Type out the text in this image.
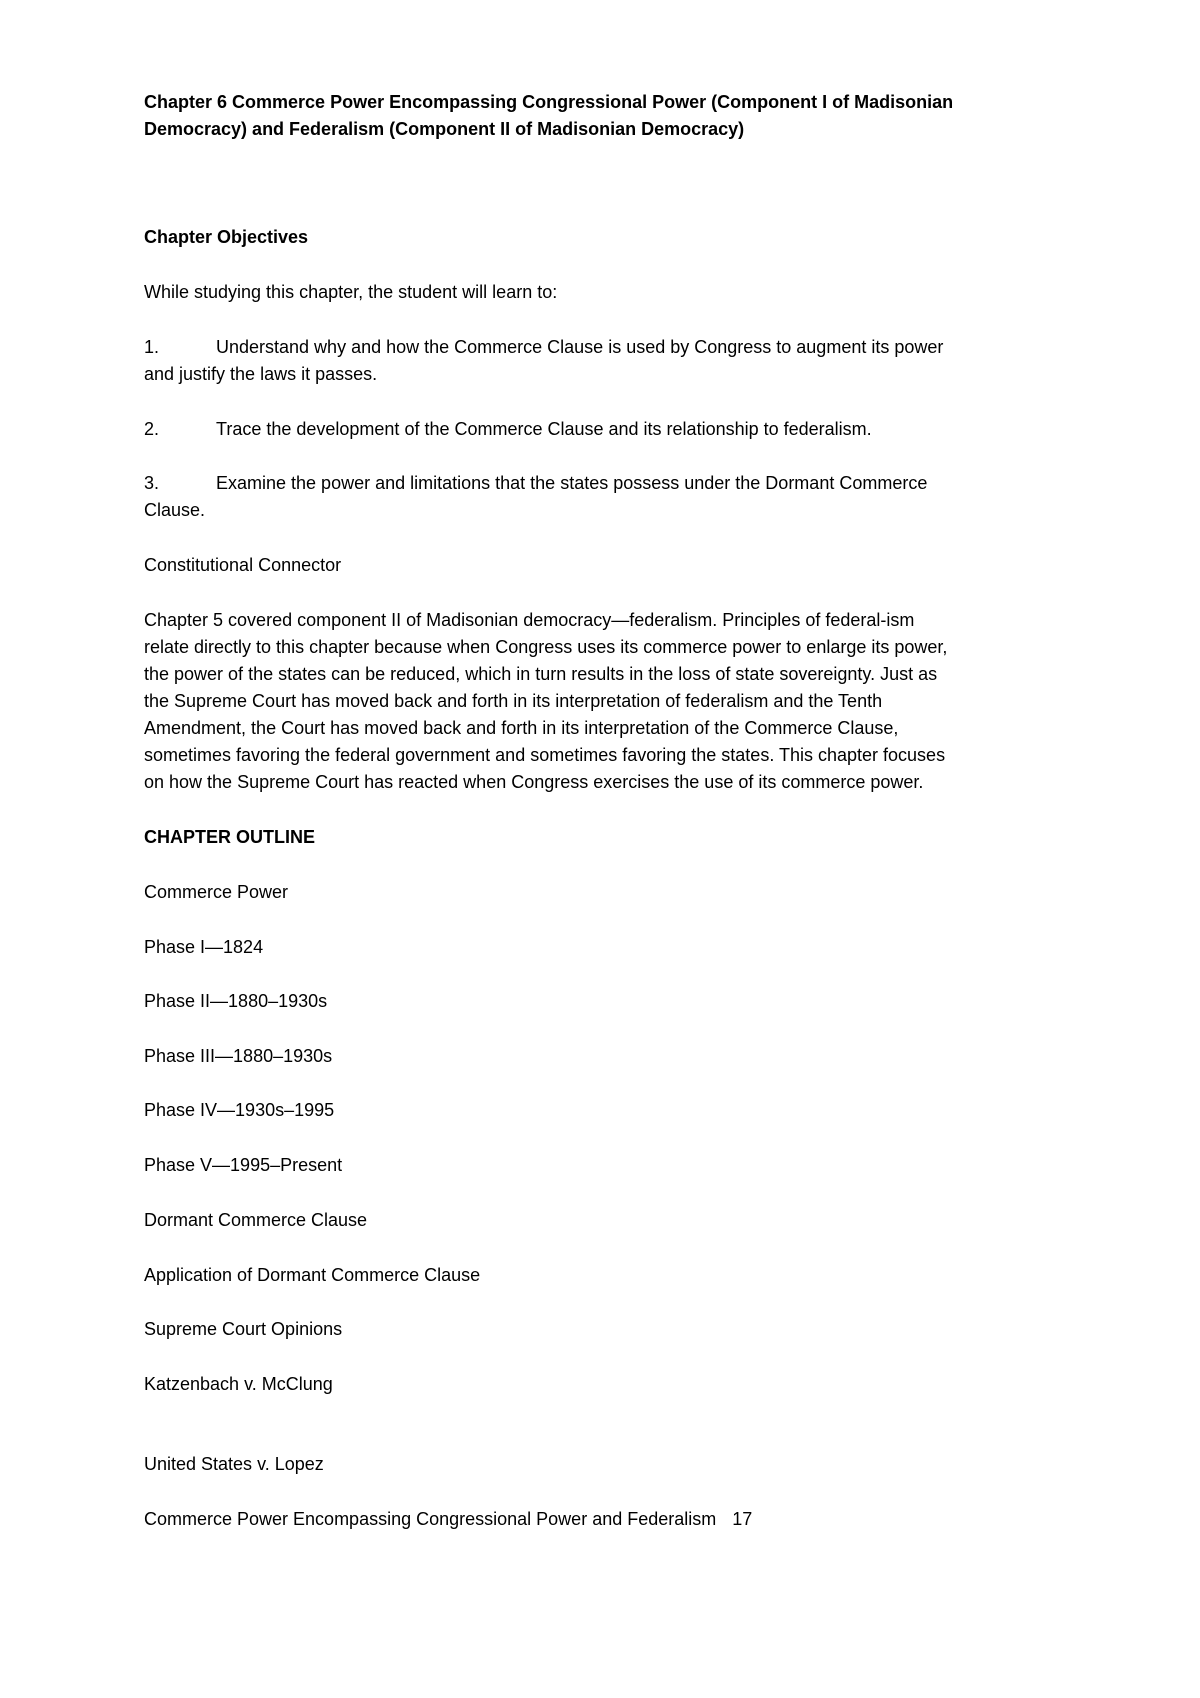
Chapter 6 Commerce Power Encompassing Congressional Power (Component I of Madisonian

Democracy) and Federalism (Component II of Madisonian Democracy)

Chapter Objectives

While studying this chapter, the student will learn to:

1.	Understand why and how the Commerce Clause is used by Congress to augment its power

and justify the laws it passes.

2.	Trace the development of the Commerce Clause and its relationship to federalism.

3.	Examine the power and limitations that the states possess under the Dormant Commerce

Clause.

Constitutional Connector

Chapter 5 covered component II of Madisonian democracy—federalism. Principles of federal-ism
relate directly to this chapter because when Congress uses its commerce power to enlarge its power,
the power of the states can be reduced, which in turn results in the loss of state sovereignty. Just as
the Supreme Court has moved back and forth in its interpretation of federalism and the Tenth
Amendment, the Court has moved back and forth in its interpretation of the Commerce Clause,
sometimes favoring the federal government and sometimes favoring the states. This chapter focuses
on how the Supreme Court has reacted when Congress exercises the use of its commerce power.

CHAPTER OUTLINE

Commerce Power

Phase I—1824

Phase II—1880–1930s

Phase III—1880–1930s

Phase IV—1930s–1995

Phase V—1995–Present

Dormant Commerce Clause

Application of Dormant Commerce Clause

Supreme Court Opinions

Katzenbach v. McClung

United States v. Lopez

Commerce Power Encompassing Congressional Power and Federalism 17
